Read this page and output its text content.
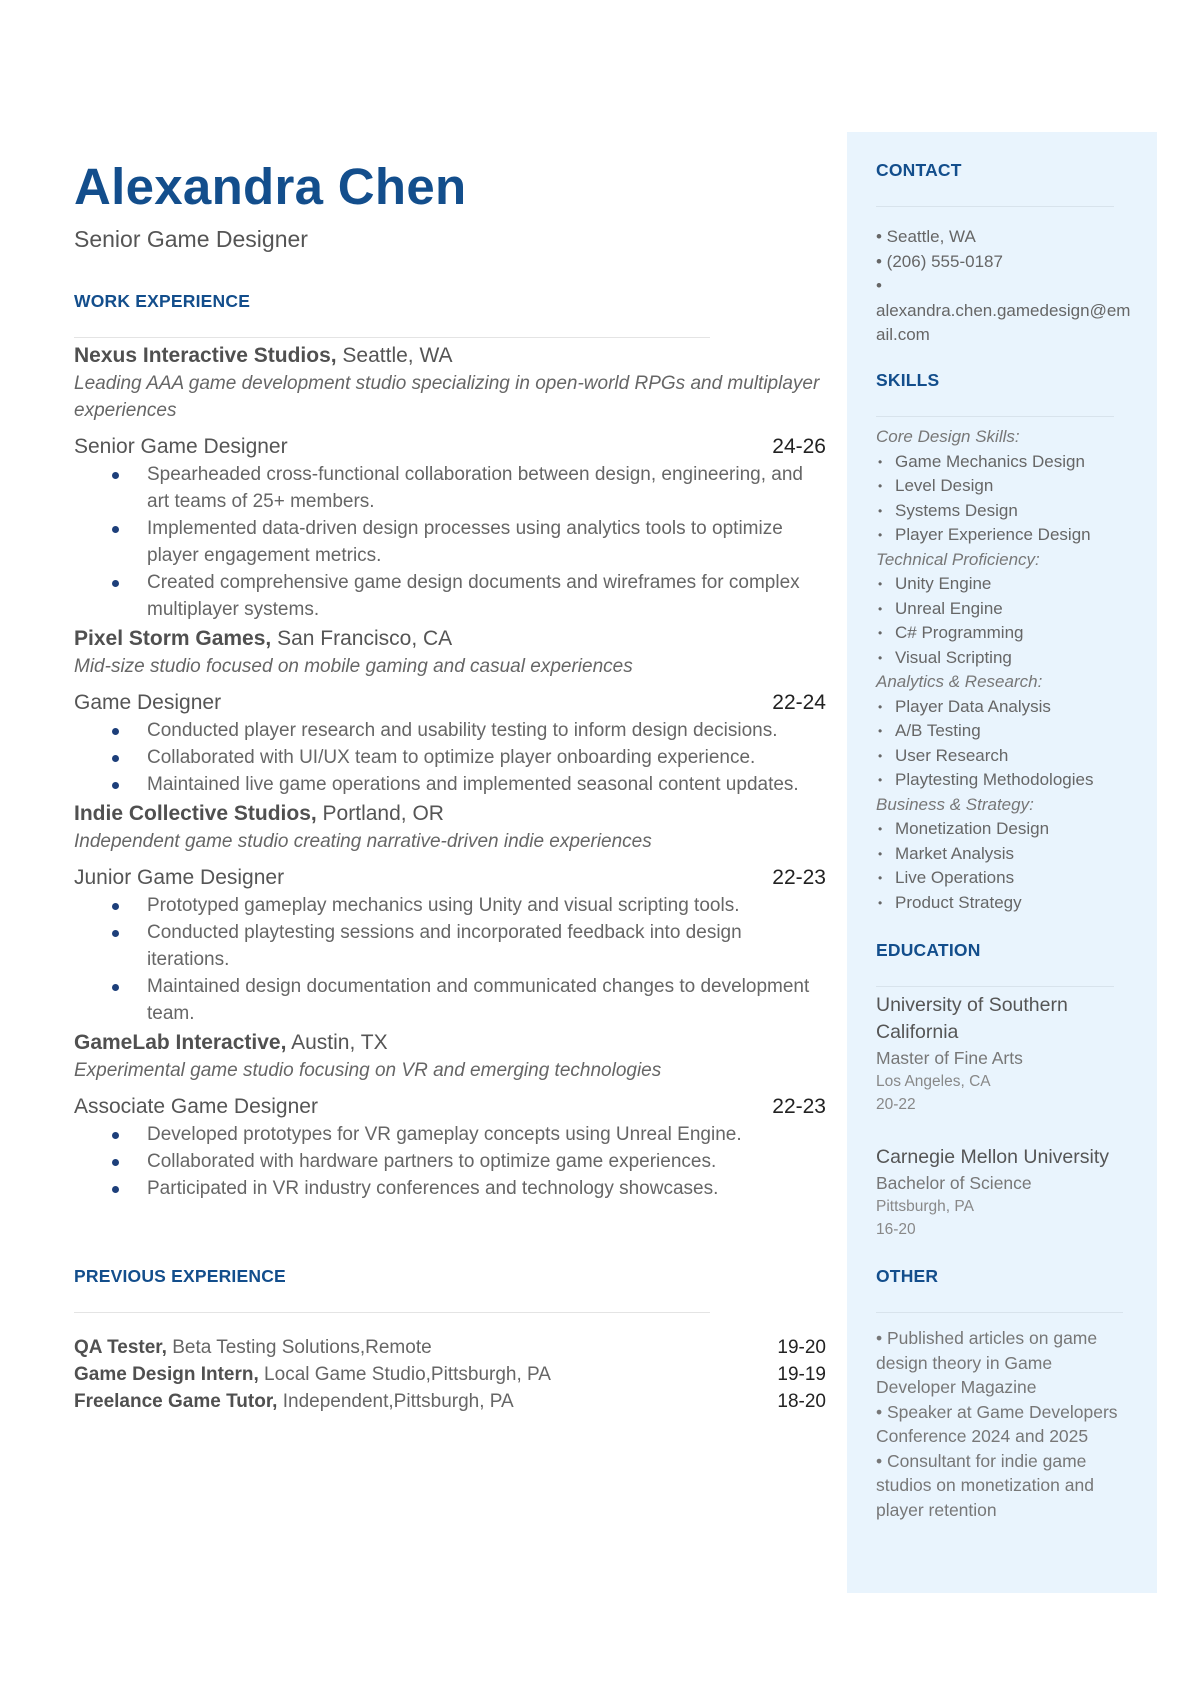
Alexandra Chen
Senior Game Designer
WORK EXPERIENCE
Nexus Interactive Studios, Seattle, WA
Leading AAA game development studio specializing in open-world RPGs and multiplayer experiences
Senior Game Designer	24-26
Spearheaded cross-functional collaboration between design, engineering, and art teams of 25+ members.
Implemented data-driven design processes using analytics tools to optimize player engagement metrics.
Created comprehensive game design documents and wireframes for complex multiplayer systems.
Pixel Storm Games, San Francisco, CA
Mid-size studio focused on mobile gaming and casual experiences
Game Designer	22-24
Conducted player research and usability testing to inform design decisions.
Collaborated with UI/UX team to optimize player onboarding experience.
Maintained live game operations and implemented seasonal content updates.
Indie Collective Studios, Portland, OR
Independent game studio creating narrative-driven indie experiences
Junior Game Designer	22-23
Prototyped gameplay mechanics using Unity and visual scripting tools.
Conducted playtesting sessions and incorporated feedback into design iterations.
Maintained design documentation and communicated changes to development team.
GameLab Interactive, Austin, TX
Experimental game studio focusing on VR and emerging technologies
Associate Game Designer	22-23
Developed prototypes for VR gameplay concepts using Unreal Engine.
Collaborated with hardware partners to optimize game experiences.
Participated in VR industry conferences and technology showcases.
PREVIOUS EXPERIENCE
QA Tester, Beta Testing Solutions,Remote	19-20
Game Design Intern, Local Game Studio,Pittsburgh, PA	19-19
Freelance Game Tutor, Independent,Pittsburgh, PA	18-20
CONTACT
• Seattle, WA
• (206) 555-0187
•
alexandra.chen.gamedesign@email.com
SKILLS
Core Design Skills:
• Game Mechanics Design
• Level Design
• Systems Design
• Player Experience Design
Technical Proficiency:
• Unity Engine
• Unreal Engine
• C# Programming
• Visual Scripting
Analytics & Research:
• Player Data Analysis
• A/B Testing
• User Research
• Playtesting Methodologies
Business & Strategy:
• Monetization Design
• Market Analysis
• Live Operations
• Product Strategy
EDUCATION
University of Southern California
Master of Fine Arts
Los Angeles, CA
20-22
Carnegie Mellon University
Bachelor of Science
Pittsburgh, PA
16-20
OTHER
• Published articles on game design theory in Game Developer Magazine
• Speaker at Game Developers Conference 2024 and 2025
• Consultant for indie game studios on monetization and player retention
